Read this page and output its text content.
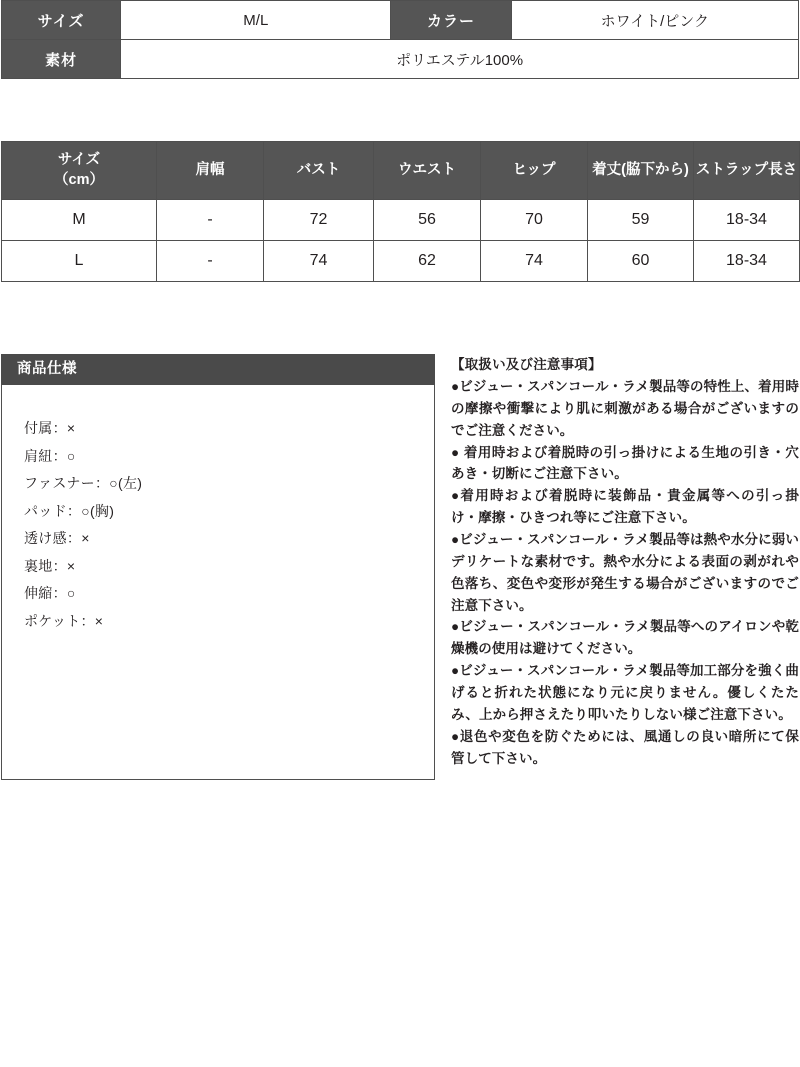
サイズ	M/L	カラー	ホワイト/ピンク
素材	ポリエステル100%		
サイズ
（cm）	肩幅	バスト	ウエスト	ヒップ	着丈(脇下から)	ストラップ長さ
M	-	72	56	70	59	18-34
L	-	74	62	74	60	18-34
商品仕様
付属：×
肩紐：○
ファスナー：○(左)
パッド：○(胸)
透け感：×
裏地：×
伸縮：○
ポケット：×
【取扱い及び注意事項】
●ビジュー・スパンコール・ラメ製品等の特性上、着用時の摩擦や衝撃により肌に刺激がある場合がございますのでご注意ください。
● 着用時および着脱時の引っ掛けによる生地の引き・穴あき・切断にご注意下さい。
●着用時および着脱時に装飾品・貴金属等への引っ掛け・摩擦・ひきつれ等にご注意下さい。
●ビジュー・スパンコール・ラメ製品等は熱や水分に弱いデリケートな素材です。熱や水分による表面の剥がれや色落ち、変色や変形が発生する場合がございますのでご注意下さい。
●ビジュー・スパンコール・ラメ製品等へのアイロンや乾燥機の使用は避けてください。
●ビジュー・スパンコール・ラメ製品等加工部分を強く曲げると折れた状態になり元に戻りません。優しくたたみ、上から押さえたり叩いたりしない様ご注意下さい。
●退色や変色を防ぐためには、風通しの良い暗所にて保管して下さい。
